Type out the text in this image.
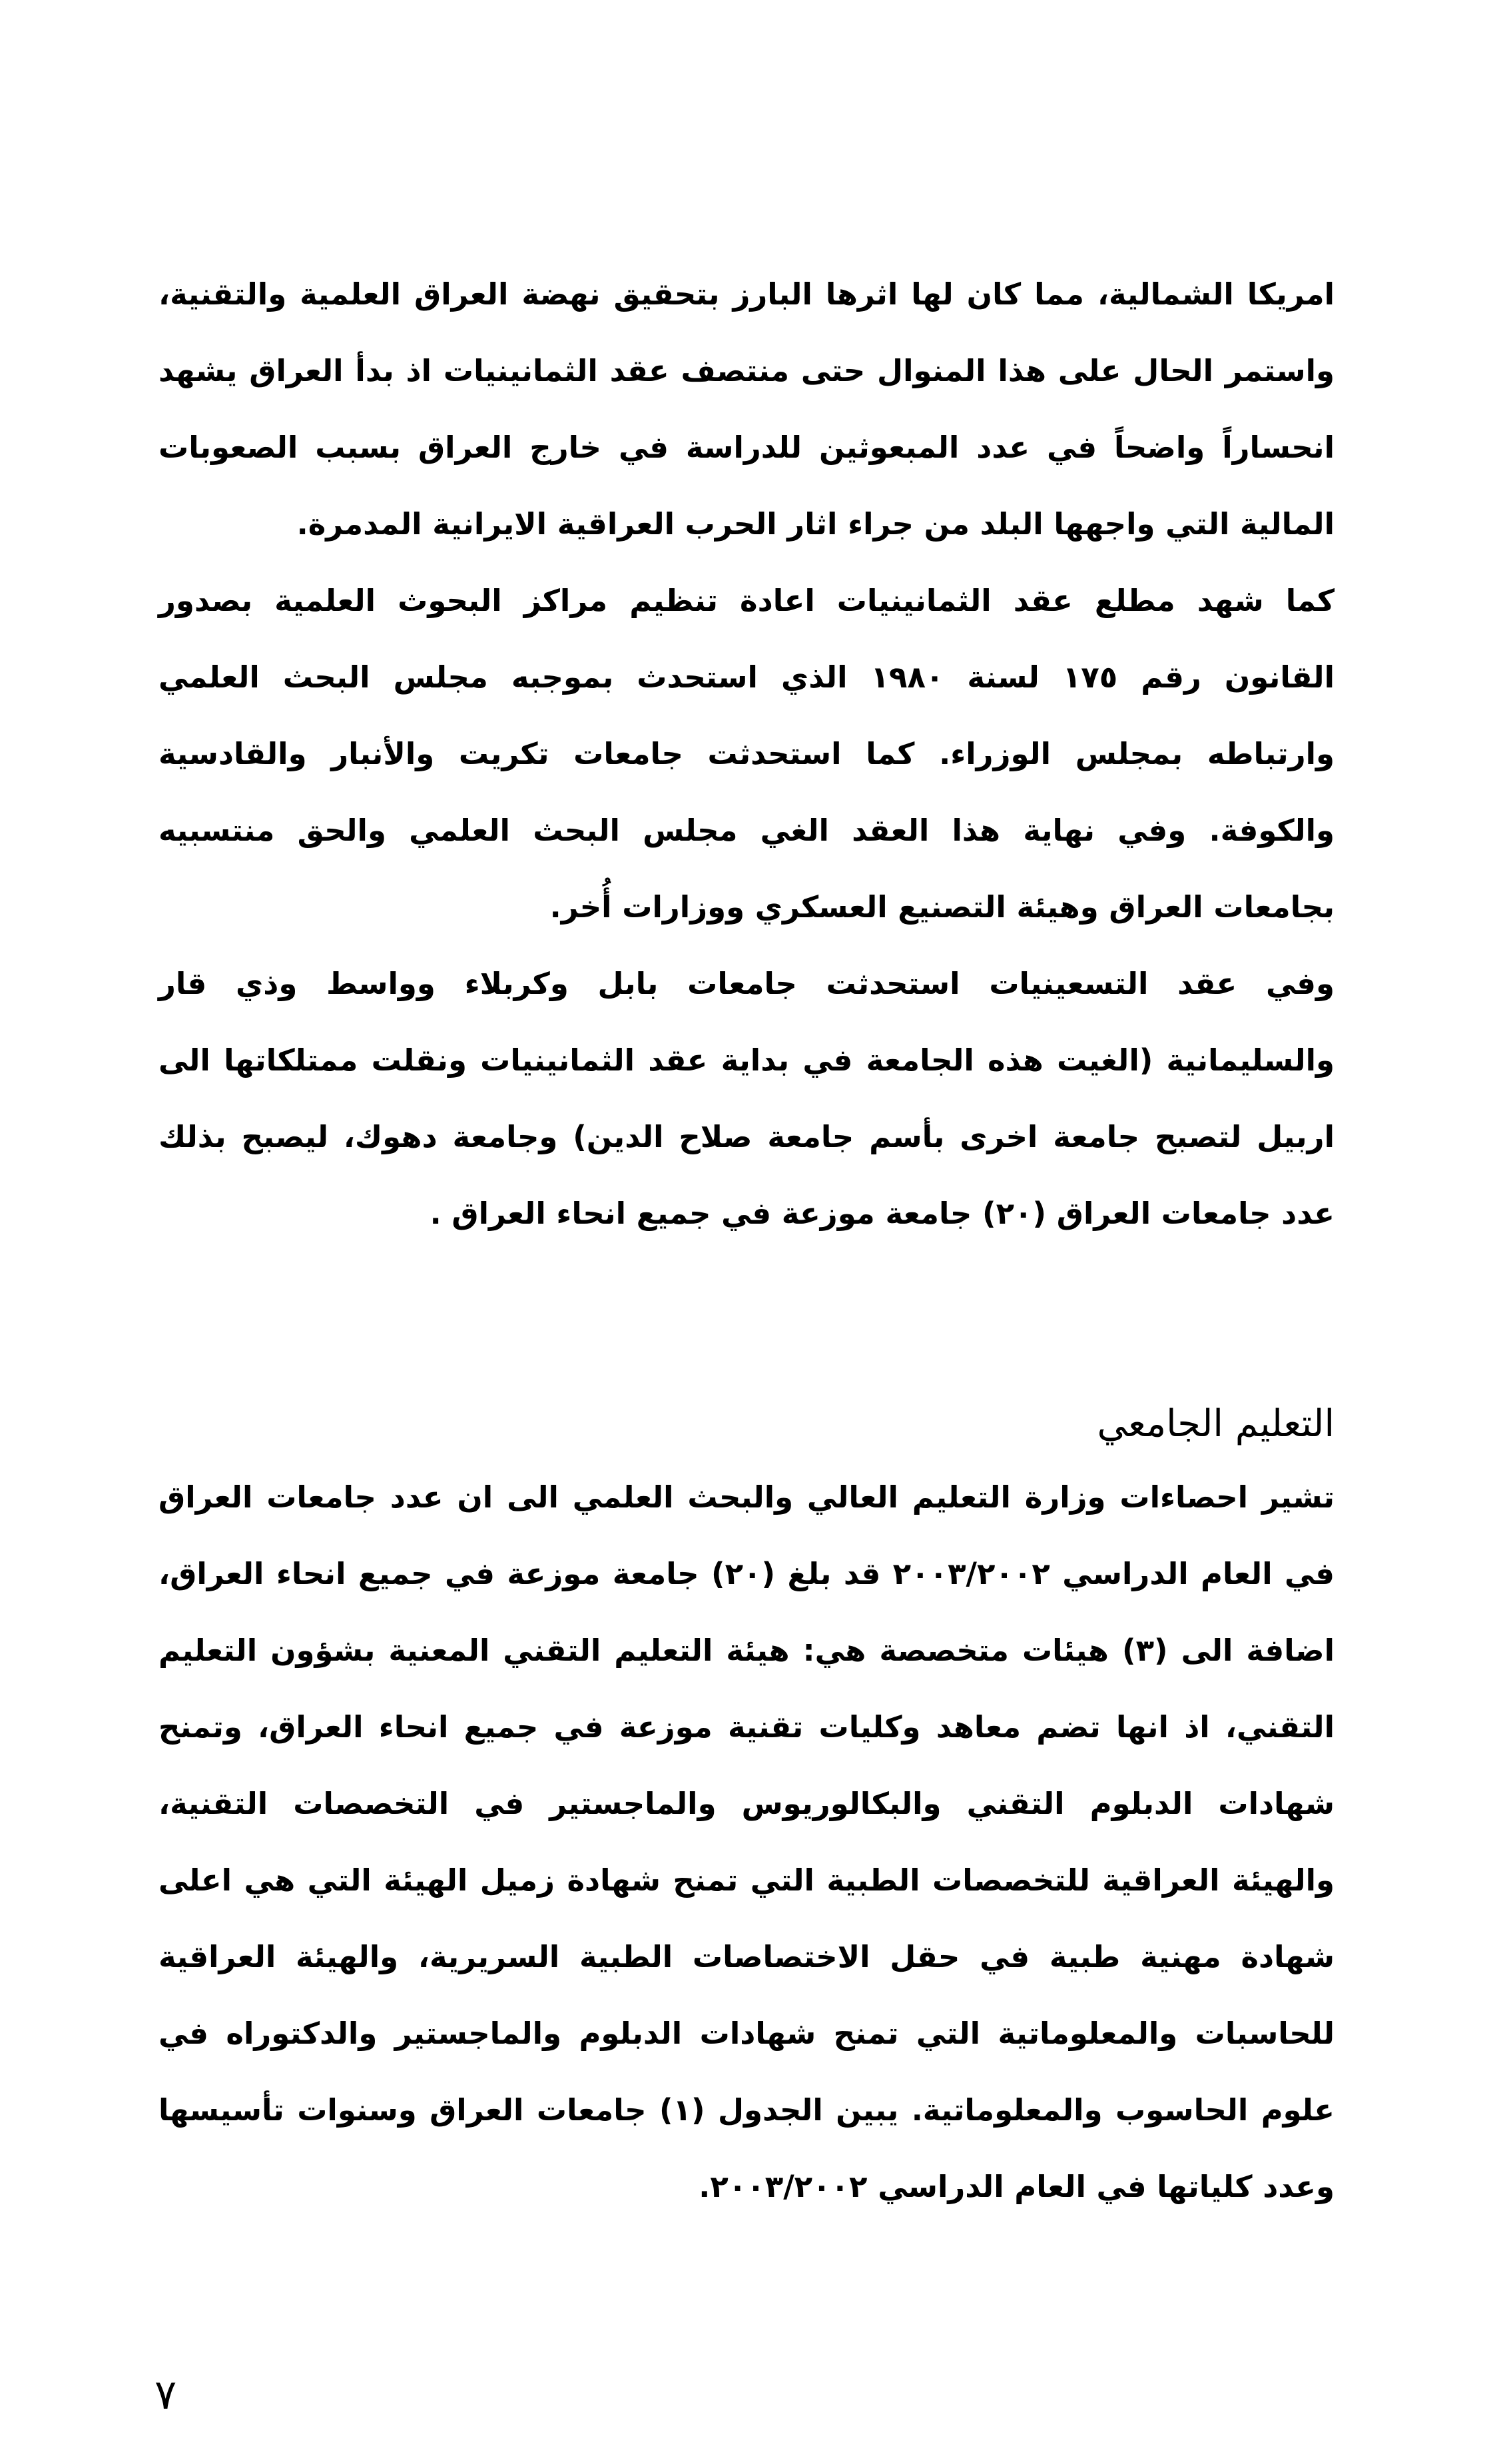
امريكا الشمالية، مما كان لها اثرها البارز بتحقيق نهضة العراق العلمية والتقنية، واستمر الحال على هذا المنوال حتى منتصف عقد الثمانينيات اذ بدأ العراق يشهد انحساراً واضحاً في عدد المبعوثين للدراسة في خارج العراق بسبب الصعوبات المالية التي واجهها البلد من جراء اثار الحرب العراقية الايرانية المدمرة.

كما شهد مطلع عقد الثمانينيات اعادة تنظيم مراكز البحوث العلمية بصدور القانون رقم ١٧٥ لسنة ١٩٨٠ الذي استحدث بموجبه مجلس البحث العلمي وارتباطه بمجلس الوزراء. كما استحدثت جامعات تكريت والأنبار والقادسية والكوفة. وفي نهاية هذا العقد الغي مجلس البحث العلمي والحق منتسبيه بجامعات العراق وهيئة التصنيع العسكري ووزارات أُخر.

وفي عقد التسعينيات استحدثت جامعات بابل وكربلاء وواسط وذي قار والسليمانية (الغيت هذه الجامعة في بداية عقد الثمانينيات ونقلت ممتلكاتها الى اربيل لتصبح جامعة اخرى بأسم جامعة صلاح الدين) وجامعة دهوك، ليصبح بذلك عدد جامعات العراق (٢٠) جامعة موزعة في جميع انحاء العراق .

التعليم الجامعي

تشير احصاءات وزارة التعليم العالي والبحث العلمي الى ان عدد جامعات العراق في العام الدراسي ٢٠٠٣/٢٠٠٢ قد بلغ (٢٠) جامعة موزعة في جميع انحاء العراق، اضافة الى (٣) هيئات متخصصة هي: هيئة التعليم التقني المعنية بشؤون التعليم التقني، اذ انها تضم معاهد وكليات تقنية موزعة في جميع انحاء العراق، وتمنح شهادات الدبلوم التقني والبكالوريوس والماجستير في التخصصات التقنية، والهيئة العراقية للتخصصات الطبية التي تمنح شهادة زميل الهيئة التي هي اعلى شهادة مهنية طبية في حقل الاختصاصات الطبية السريرية، والهيئة العراقية للحاسبات والمعلوماتية التي تمنح شهادات الدبلوم والماجستير والدكتوراه في علوم الحاسوب والمعلوماتية. يبين الجدول (١) جامعات العراق وسنوات تأسيسها وعدد كلياتها في العام الدراسي ٢٠٠٣/٢٠٠٢.

٧
